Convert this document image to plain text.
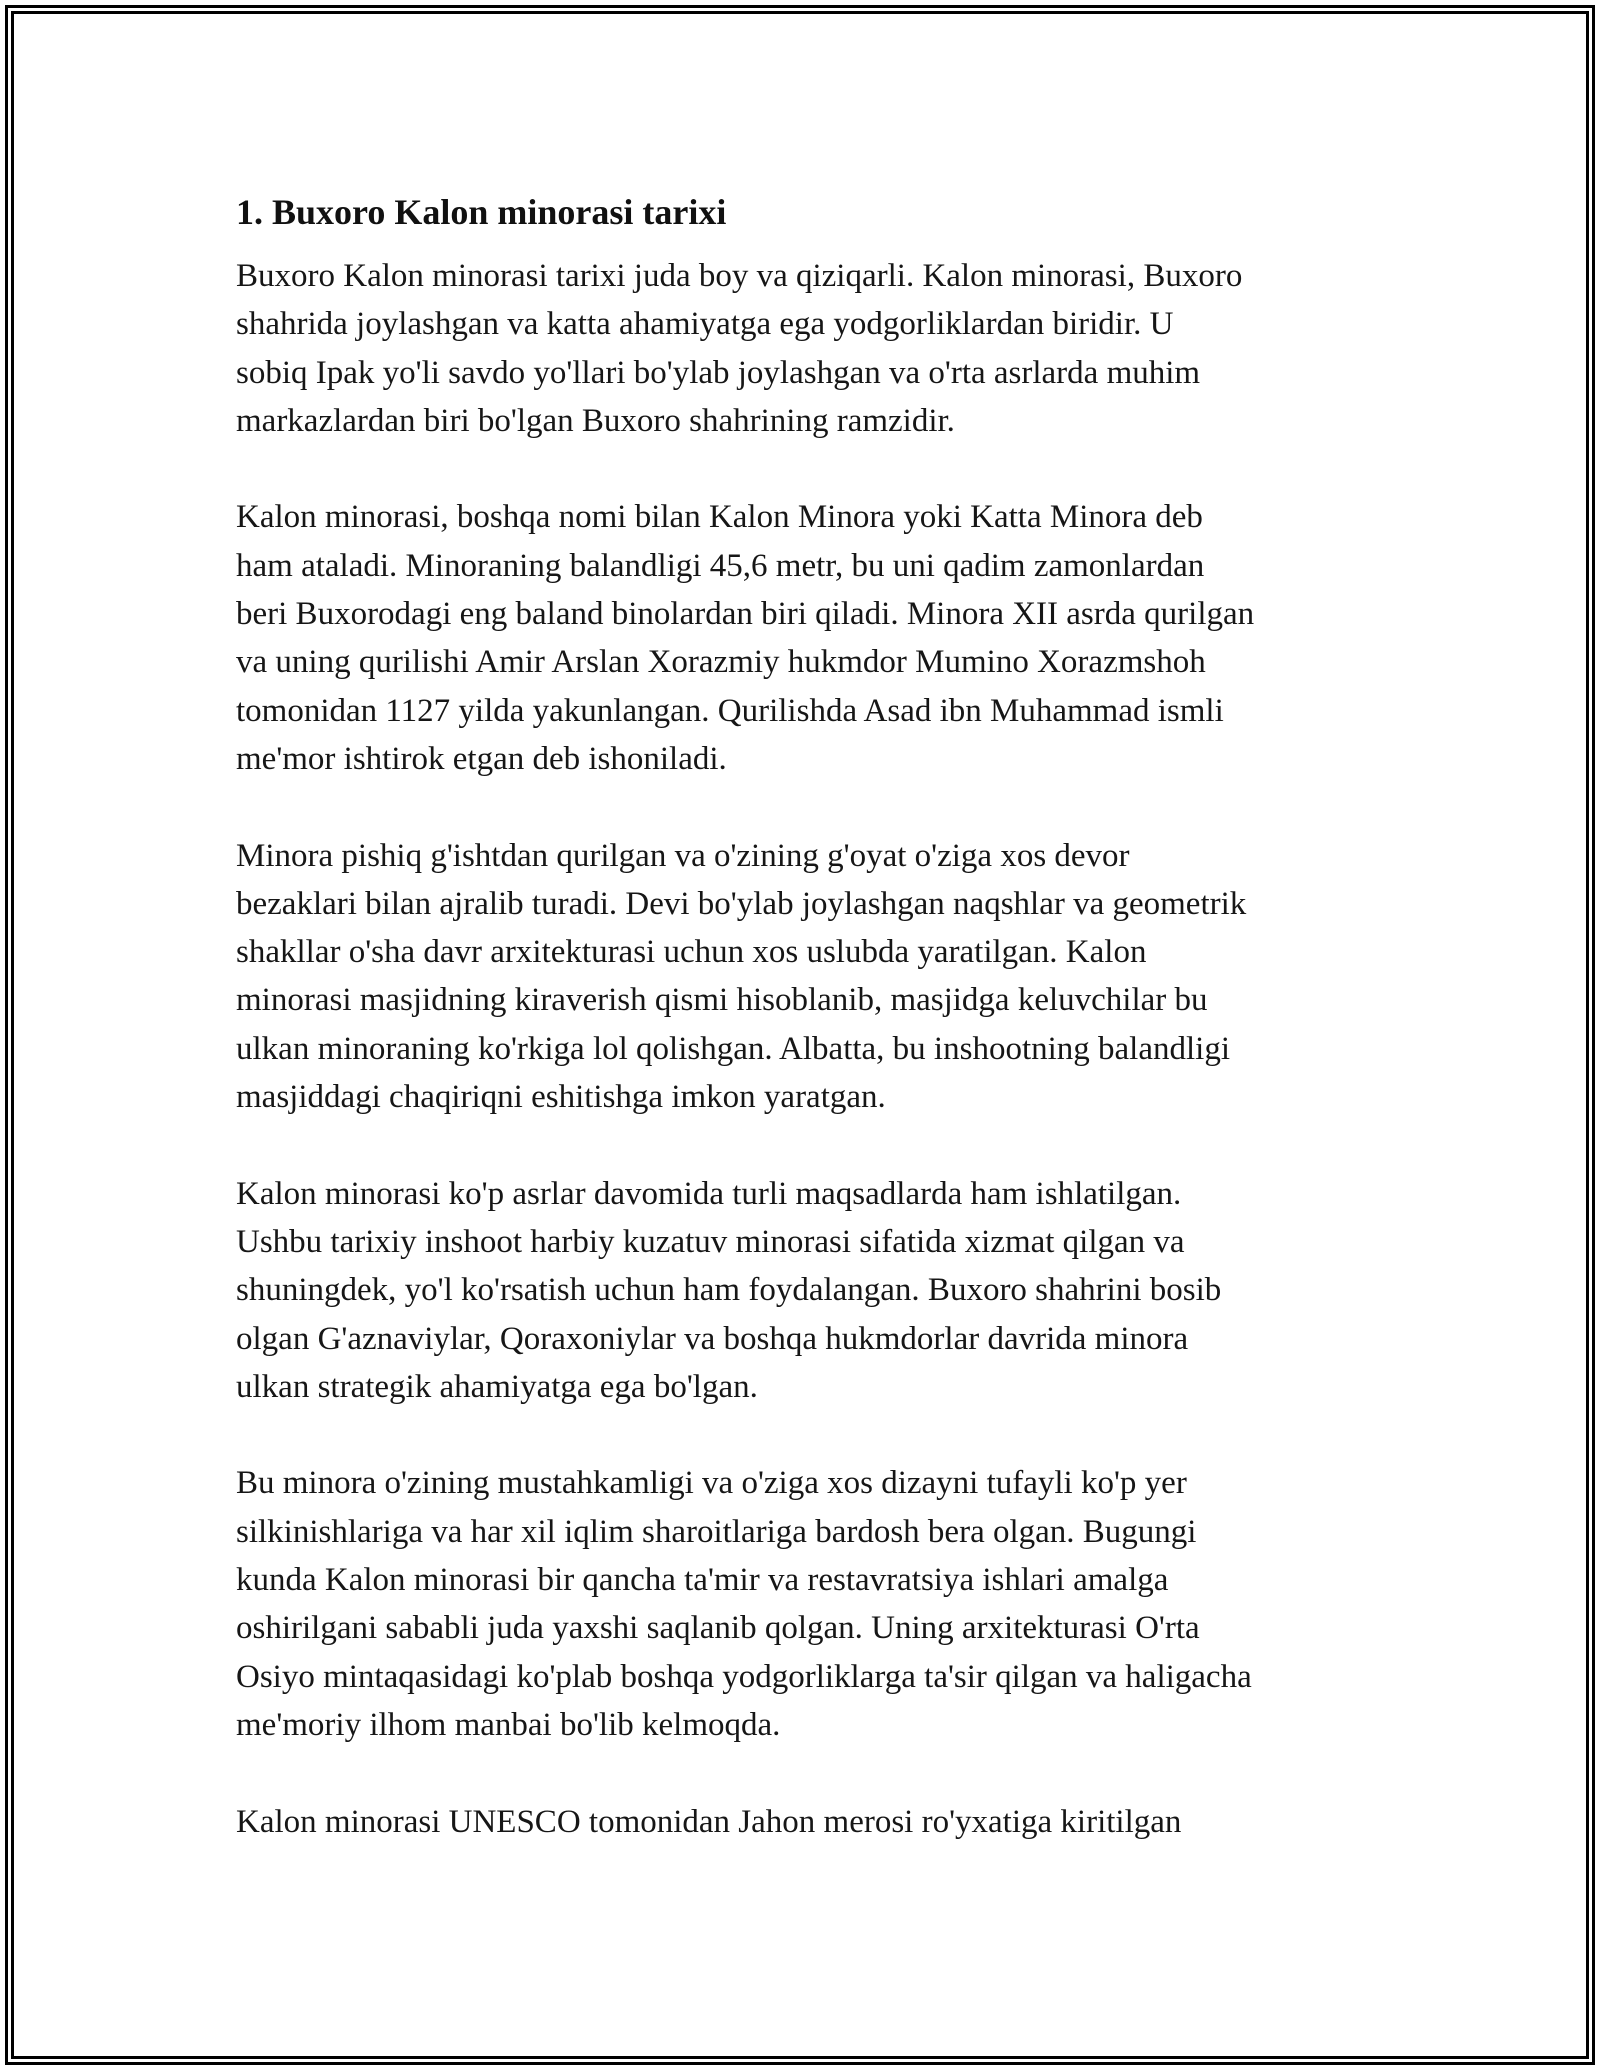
1. Buxoro Kalon minorasi tarixi

Buxoro Kalon minorasi tarixi juda boy va qiziqarli. Kalon minorasi, Buxoro
shahrida joylashgan va katta ahamiyatga ega yodgorliklardan biridir. U
sobiq Ipak yo'li savdo yo'llari bo'ylab joylashgan va o'rta asrlarda muhim
markazlardan biri bo'lgan Buxoro shahrining ramzidir.

Kalon minorasi, boshqa nomi bilan Kalon Minora yoki Katta Minora deb
ham ataladi. Minoraning balandligi 45,6 metr, bu uni qadim zamonlardan
beri Buxorodagi eng baland binolardan biri qiladi. Minora XII asrda qurilgan
va uning qurilishi Amir Arslan Xorazmiy hukmdor Mumino Xorazmshoh
tomonidan 1127 yilda yakunlangan. Qurilishda Asad ibn Muhammad ismli
me'mor ishtirok etgan deb ishoniladi.

Minora pishiq g'ishtdan qurilgan va o'zining g'oyat o'ziga xos devor
bezaklari bilan ajralib turadi. Devi bo'ylab joylashgan naqshlar va geometrik
shakllar o'sha davr arxitekturasi uchun xos uslubda yaratilgan. Kalon
minorasi masjidning kiraverish qismi hisoblanib, masjidga keluvchilar bu
ulkan minoraning ko'rkiga lol qolishgan. Albatta, bu inshootning balandligi
masjiddagi chaqiriqni eshitishga imkon yaratgan.

Kalon minorasi ko'p asrlar davomida turli maqsadlarda ham ishlatilgan.
Ushbu tarixiy inshoot harbiy kuzatuv minorasi sifatida xizmat qilgan va
shuningdek, yo'l ko'rsatish uchun ham foydalangan. Buxoro shahrini bosib
olgan G'aznaviylar, Qoraxoniylar va boshqa hukmdorlar davrida minora
ulkan strategik ahamiyatga ega bo'lgan.

Bu minora o'zining mustahkamligi va o'ziga xos dizayni tufayli ko'p yer
silkinishlariga va har xil iqlim sharoitlariga bardosh bera olgan. Bugungi
kunda Kalon minorasi bir qancha ta'mir va restavratsiya ishlari amalga
oshirilgani sababli juda yaxshi saqlanib qolgan. Uning arxitekturasi O'rta
Osiyo mintaqasidagi ko'plab boshqa yodgorliklarga ta'sir qilgan va haligacha
me'moriy ilhom manbai bo'lib kelmoqda.

Kalon minorasi UNESCO tomonidan Jahon merosi ro'yxatiga kiritilgan
